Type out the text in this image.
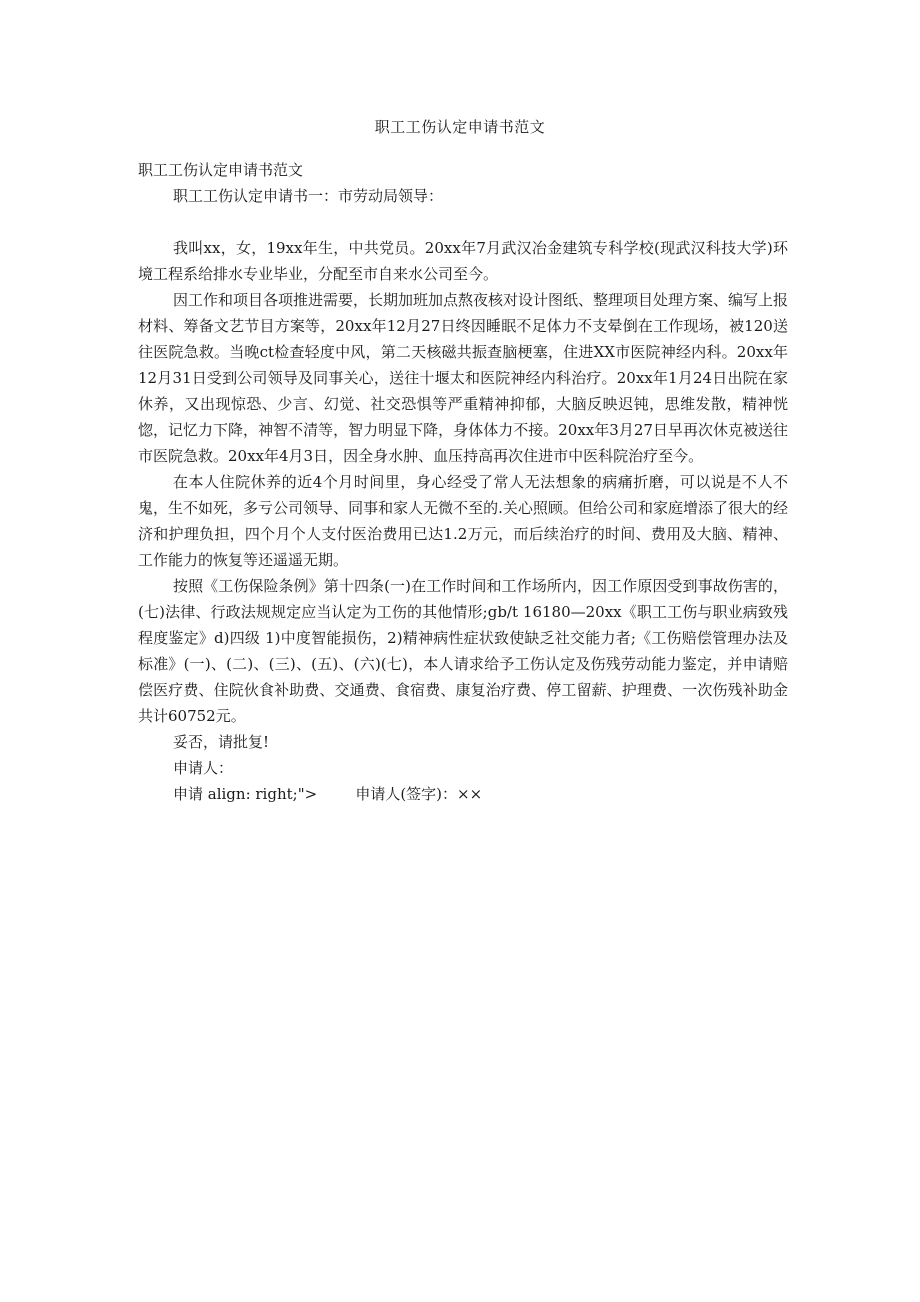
职工工伤认定申请书范文

职工工伤认定申请书范文

职工工伤认定申请书一：市劳动局领导：

我叫xx，女，19xx年生，中共党员。20xx年7月武汉冶金建筑专科学校(现武汉科技大学)环境工程系给排水专业毕业，分配至市自来水公司至今。

因工作和项目各项推进需要，长期加班加点熬夜核对设计图纸、整理项目处理方案、编写上报材料、筹备文艺节目方案等，20xx年12月27日终因睡眠不足体力不支晕倒在工作现场，被120送往医院急救。当晚ct检查轻度中风，第二天核磁共振查脑梗塞，住进XX市医院神经内科。20xx年12月31日受到公司领导及同事关心，送往十堰太和医院神经内科治疗。20xx年1月24日出院在家休养，又出现惊恐、少言、幻觉、社交恐惧等严重精神抑郁，大脑反映迟钝，思维发散，精神恍惚，记忆力下降，神智不清等，智力明显下降，身体体力不接。20xx年3月27日早再次休克被送往市医院急救。20xx年4月3日，因全身水肿、血压持高再次住进市中医科院治疗至今。

在本人住院休养的近4个月时间里，身心经受了常人无法想象的病痛折磨，可以说是不人不鬼，生不如死，多亏公司领导、同事和家人无微不至的.关心照顾。但给公司和家庭增添了很大的经济和护理负担，四个月个人支付医治费用已达1.2万元，而后续治疗的时间、费用及大脑、精神、工作能力的恢复等还遥遥无期。

按照《工伤保险条例》第十四条(一)在工作时间和工作场所内，因工作原因受到事故伤害的，(七)法律、行政法规规定应当认定为工伤的其他情形;gb/t 16180—20xx《职工工伤与职业病致残程度鉴定》d)四级 1)中度智能损伤，2)精神病性症状致使缺乏社交能力者;《工伤赔偿管理办法及标准》(一)、(二)、(三)、(五)、(六)(七)，本人请求给予工伤认定及伤残劳动能力鉴定，并申请赔偿医疗费、住院伙食补助费、交通费、食宿费、康复治疗费、停工留薪、护理费、一次伤残补助金共计60752元。

妥否，请批复!

申请人：

申请 align: right;">        申请人(签字)：××
